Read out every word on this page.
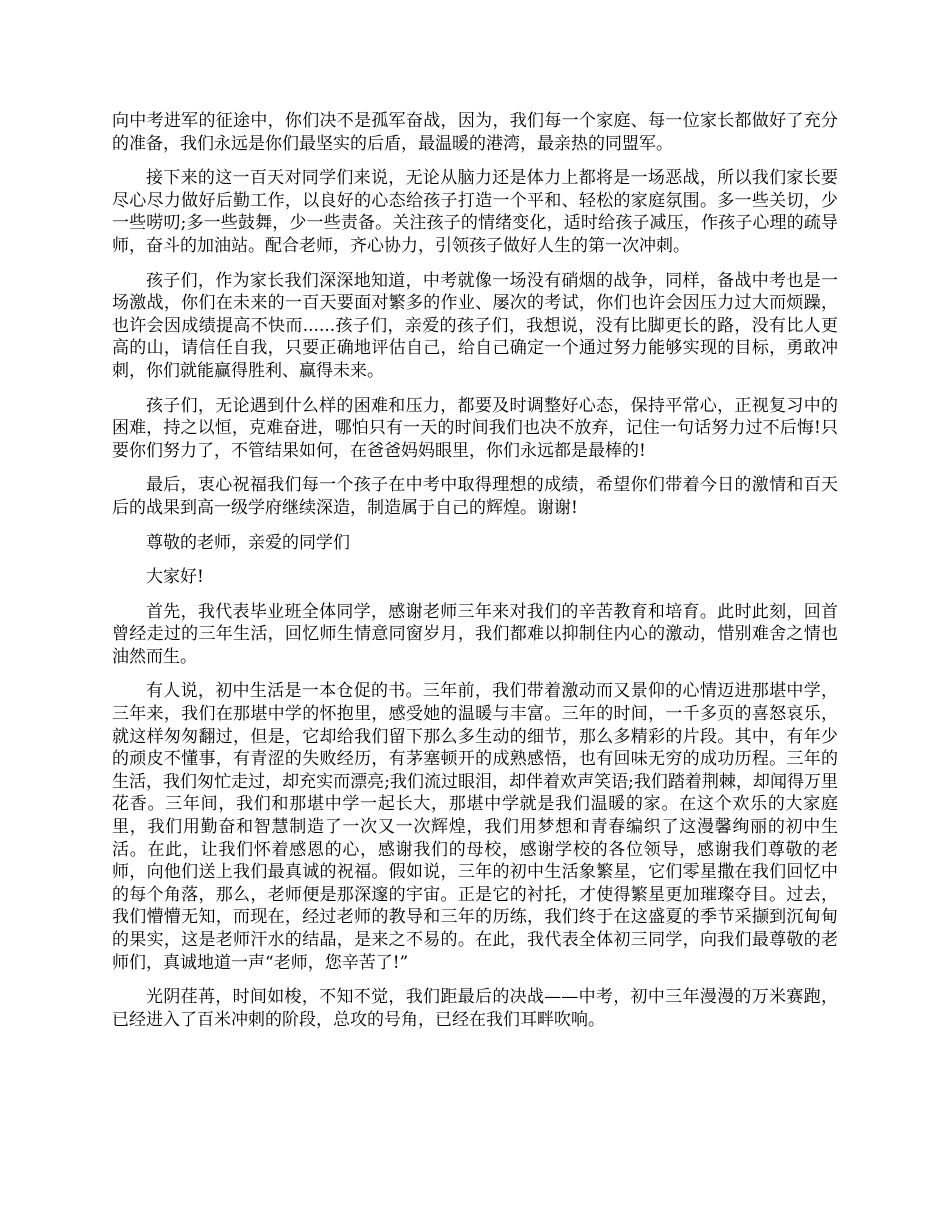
向中考进军的征途中，你们决不是孤军奋战，因为，我们每一个家庭、每一位家长都做好了充分的准备，我们永远是你们最坚实的后盾，最温暖的港湾，最亲热的同盟军。

接下来的这一百天对同学们来说，无论从脑力还是体力上都将是一场恶战，所以我们家长要尽心尽力做好后勤工作，以良好的心态给孩子打造一个平和、轻松的家庭氛围。多一些关切，少一些唠叨;多一些鼓舞，少一些责备。关注孩子的情绪变化，适时给孩子减压，作孩子心理的疏导师，奋斗的加油站。配合老师，齐心协力，引领孩子做好人生的第一次冲刺。

孩子们，作为家长我们深深地知道，中考就像一场没有硝烟的战争，同样，备战中考也是一场激战，你们在未来的一百天要面对繁多的作业、屡次的考试，你们也许会因压力过大而烦躁，也许会因成绩提高不快而......孩子们，亲爱的孩子们，我想说，没有比脚更长的路，没有比人更高的山，请信任自我，只要正确地评估自己，给自己确定一个通过努力能够实现的目标，勇敢冲刺，你们就能赢得胜利、赢得未来。

孩子们，无论遇到什么样的困难和压力，都要及时调整好心态，保持平常心，正视复习中的困难，持之以恒，克难奋进，哪怕只有一天的时间我们也决不放弃，记住一句话努力过不后悔!只要你们努力了，不管结果如何，在爸爸妈妈眼里，你们永远都是最棒的!

最后，衷心祝福我们每一个孩子在中考中取得理想的成绩，希望你们带着今日的激情和百天后的战果到高一级学府继续深造，制造属于自己的辉煌。谢谢!

尊敬的老师，亲爱的同学们

大家好!

首先，我代表毕业班全体同学，感谢老师三年来对我们的辛苦教育和培育。此时此刻，回首曾经走过的三年生活，回忆师生情意同窗岁月，我们都难以抑制住内心的激动，惜别难舍之情也油然而生。

有人说，初中生活是一本仓促的书。三年前，我们带着激动而又景仰的心情迈进那堪中学，三年来，我们在那堪中学的怀抱里，感受她的温暖与丰富。三年的时间，一千多页的喜怒哀乐，就这样匆匆翻过，但是，它却给我们留下那么多生动的细节，那么多精彩的片段。其中，有年少的顽皮不懂事，有青涩的失败经历，有茅塞顿开的成熟感悟，也有回味无穷的成功历程。三年的生活，我们匆忙走过，却充实而漂亮;我们流过眼泪，却伴着欢声笑语;我们踏着荆棘，却闻得万里花香。三年间，我们和那堪中学一起长大，那堪中学就是我们温暖的家。在这个欢乐的大家庭里，我们用勤奋和智慧制造了一次又一次辉煌，我们用梦想和青春编织了这漫馨绚丽的初中生活。在此，让我们怀着感恩的心，感谢我们的母校，感谢学校的各位领导，感谢我们尊敬的老师，向他们送上我们最真诚的祝福。假如说，三年的初中生活象繁星，它们零星撒在我们回忆中的每个角落，那么，老师便是那深邃的宇宙。正是它的衬托，才使得繁星更加璀璨夺目。过去，我们懵懵无知，而现在，经过老师的教导和三年的历练，我们终于在这盛夏的季节采撷到沉甸甸的果实，这是老师汗水的结晶，是来之不易的。在此，我代表全体初三同学，向我们最尊敬的老师们，真诚地道一声“老师，您辛苦了!”

光阴荏苒，时间如梭，不知不觉，我们距最后的决战——中考，初中三年漫漫的万米赛跑，已经进入了百米冲刺的阶段，总攻的号角，已经在我们耳畔吹响。
